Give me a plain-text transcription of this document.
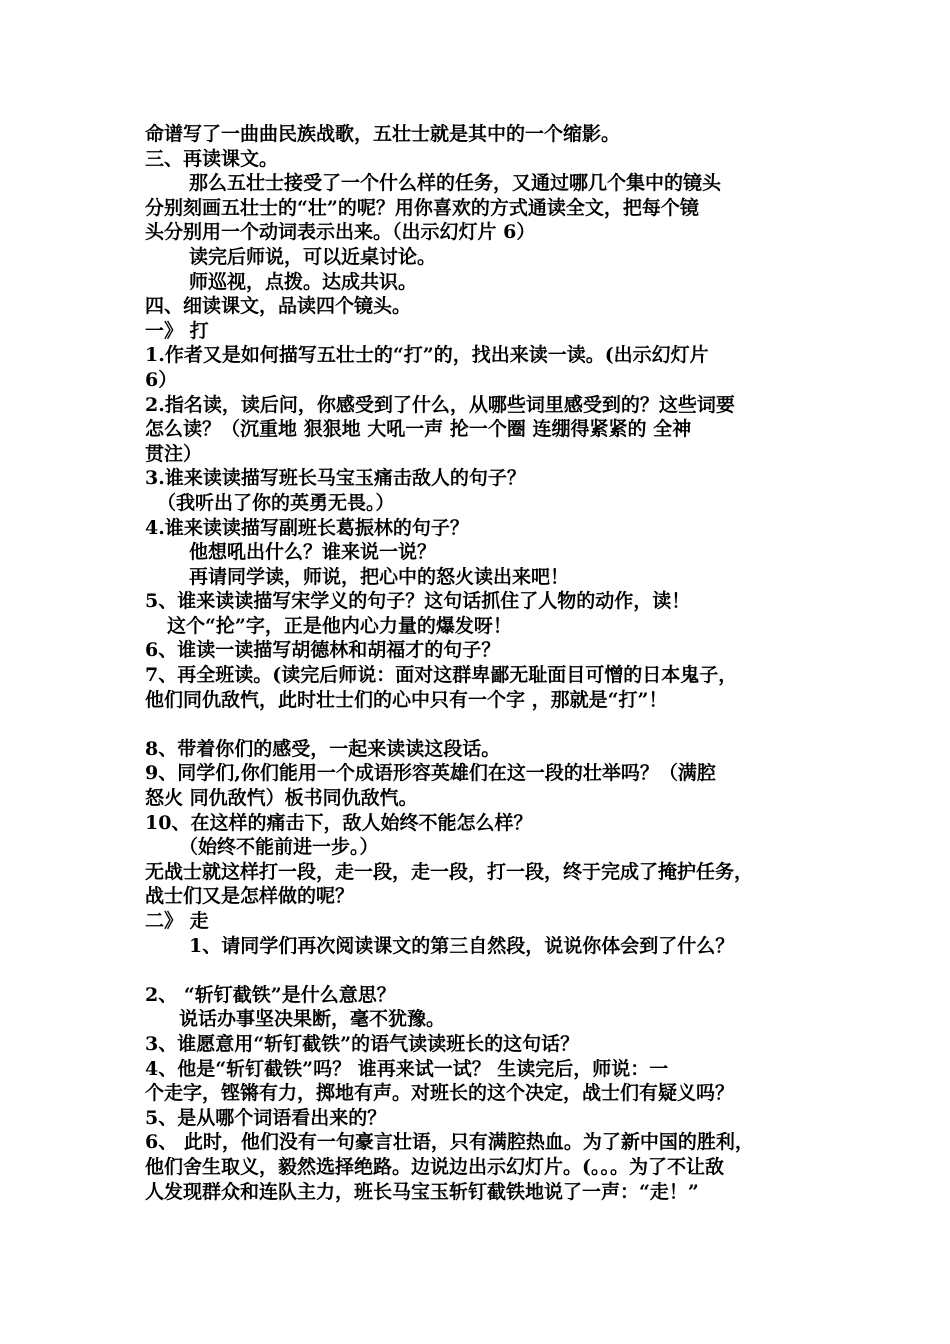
命谱写了一曲曲民族战歌，五壮士就是其中的一个缩影。
三、再读课文。
那么五壮士接受了一个什么样的任务，又通过哪几个集中的镜头
分别刻画五壮士的“壮”的呢？用你喜欢的方式通读全文，把每个镜
头分别用一个动词表示出来。（出示幻灯片 6）
读完后师说，可以近桌讨论。
师巡视，点拨。达成共识。
四、细读课文，品读四个镜头。
一》 打
1.作者又是如何描写五壮士的“打”的，找出来读一读。(出示幻灯片
6）
2.指名读，读后问，你感受到了什么，从哪些词里感受到的？这些词要
怎么读？（沉重地 狠狠地 大吼一声 抡一个圈 连绷得紧紧的 全神
贯注）
3.谁来读读描写班长马宝玉痛击敌人的句子？
（我听出了你的英勇无畏。）
4.谁来读读描写副班长葛振林的句子？
他想吼出什么？谁来说一说？
再请同学读，师说，把心中的怒火读出来吧！
5、谁来读读描写宋学义的句子？这句话抓住了人物的动作，读！
这个“抡”字，正是他内心力量的爆发呀！
6、谁读一读描写胡德林和胡福才的句子？
7、再全班读。(读完后师说：面对这群卑鄙无耻面目可憎的日本鬼子，
他们同仇敌忾，此时壮士们的心中只有一个字 ，那就是“打”！
8、带着你们的感受，一起来读读这段话。
9、同学们,你们能用一个成语形容英雄们在这一段的壮举吗？（满腔
怒火 同仇敌忾）板书同仇敌忾。
10、在这样的痛击下，敌人始终不能怎么样？
（始终不能前进一步。）
无战士就这样打一段，走一段，走一段，打一段，终于完成了掩护任务，
战士们又是怎样做的呢？
二》 走
1、请同学们再次阅读课文的第三自然段，说说你体会到了什么？
2、 “斩钉截铁”是什么意思？
说话办事坚决果断，毫不犹豫。
3、谁愿意用“斩钉截铁”的语气读读班长的这句话？
4、他是“斩钉截铁”吗？ 谁再来试一试？ 生读完后，师说：一
个走字，铿锵有力，掷地有声。对班长的这个决定，战士们有疑义吗？
5、是从哪个词语看出来的？
6、 此时，他们没有一句豪言壮语，只有满腔热血。为了新中国的胜利，
他们舍生取义，毅然选择绝路。边说边出示幻灯片。(。。。为了不让敌
人发现群众和连队主力，班长马宝玉斩钉截铁地说了一声：“走！”
